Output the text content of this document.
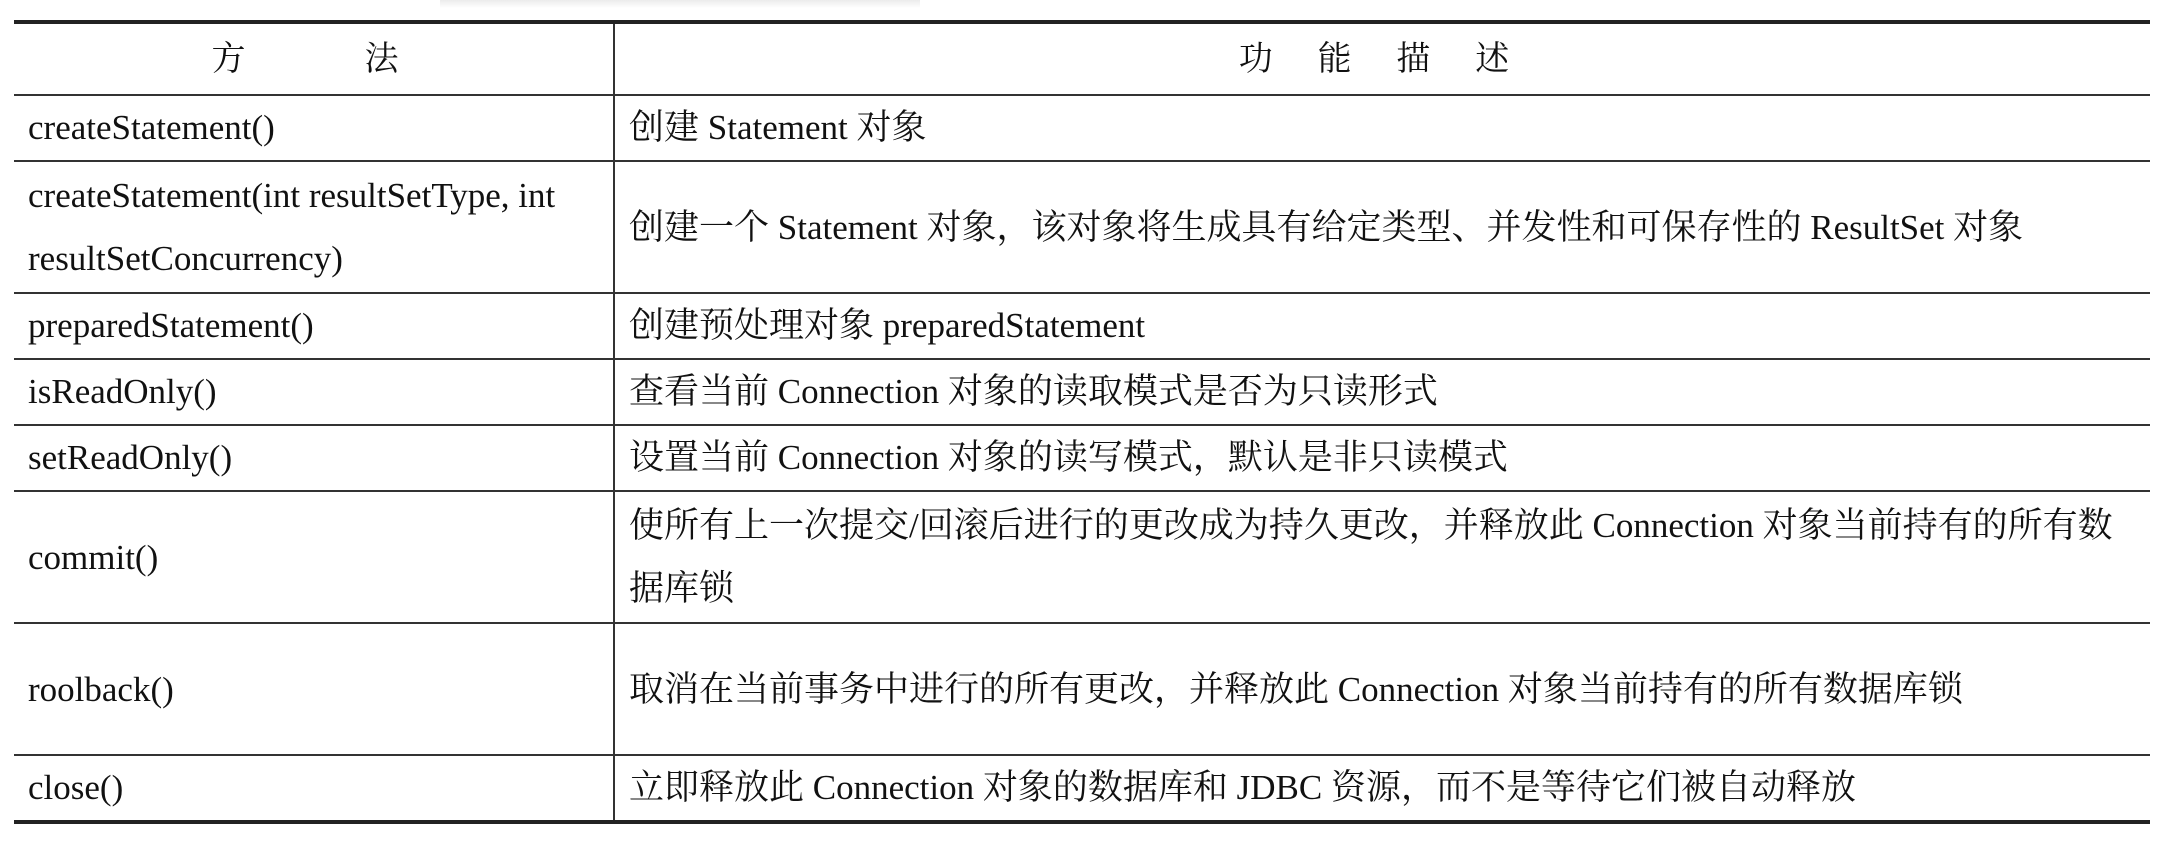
方　　法	功 能 描 述
createStatement()	创建 Statement 对象
createStatement(int resultSetType, int resultSetConcurrency)	创建一个 Statement 对象，该对象将生成具有给定类型、并发性和可保存性的 ResultSet 对象
preparedStatement()	创建预处理对象 preparedStatement
isReadOnly()	查看当前 Connection 对象的读取模式是否为只读形式
setReadOnly()	设置当前 Connection 对象的读写模式，默认是非只读模式
commit()	使所有上一次提交/回滚后进行的更改成为持久更改，并释放此 Connection 对象当前持有的所有数据库锁
roolback()	取消在当前事务中进行的所有更改，并释放此 Connection 对象当前持有的所有数据库锁
close()	立即释放此 Connection 对象的数据库和 JDBC 资源，而不是等待它们被自动释放
